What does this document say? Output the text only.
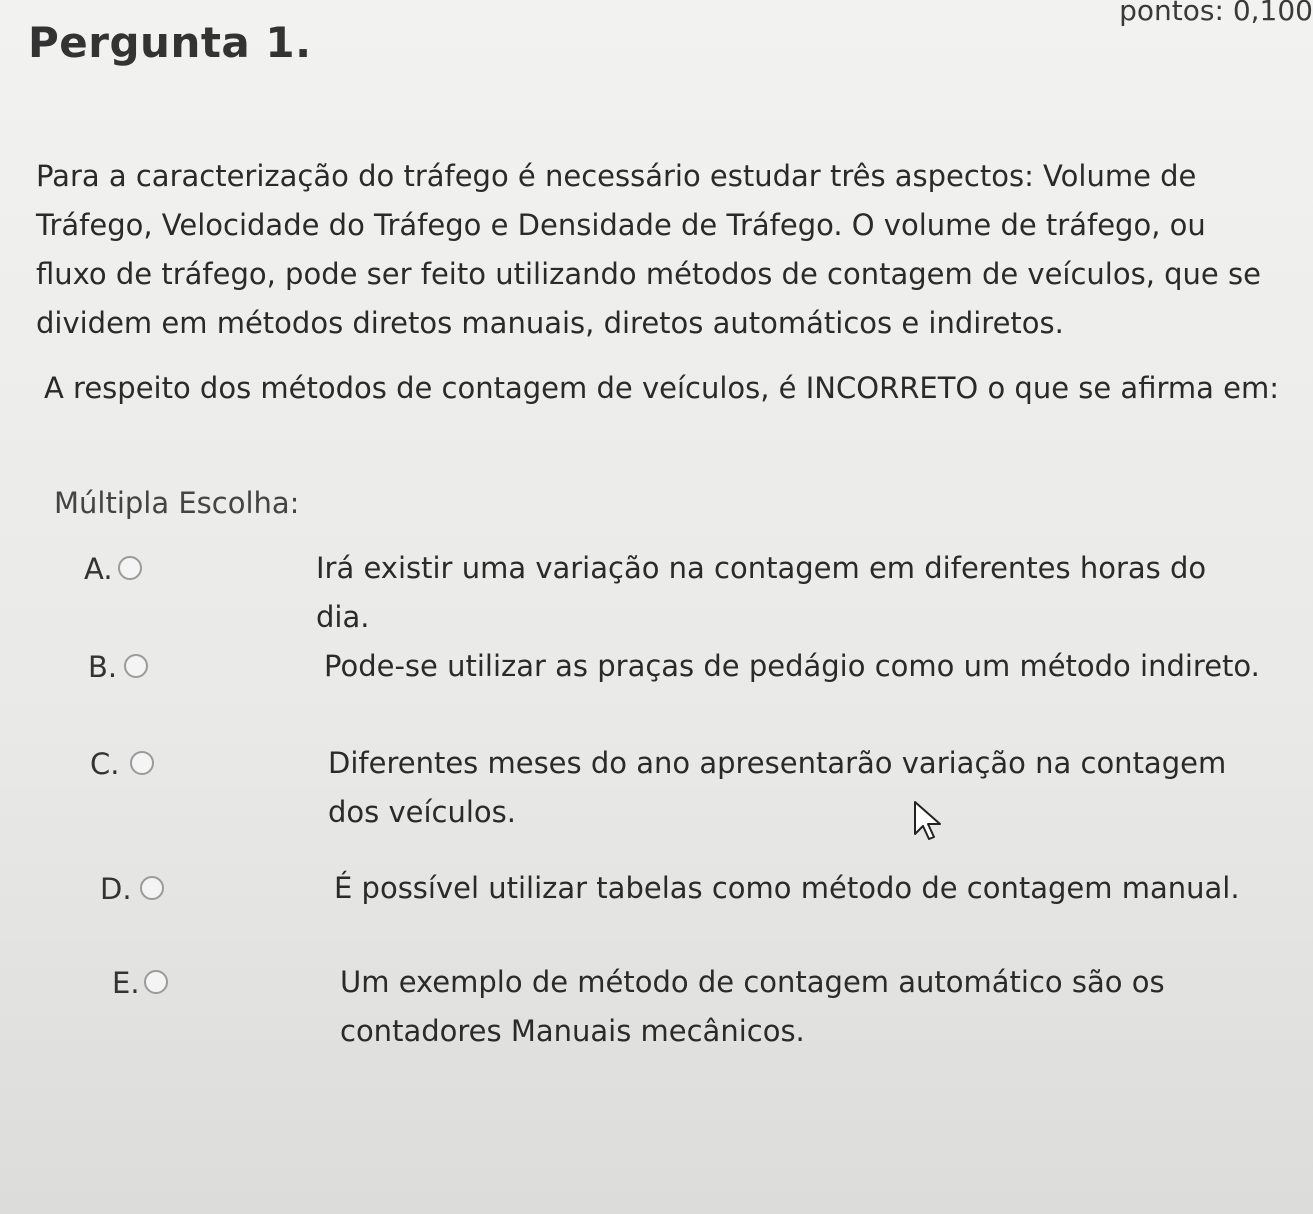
Pergunta 1.
pontos: 0,100
Para a caracterização do tráfego é necessário estudar três aspectos: Volume de Tráfego, Velocidade do Tráfego e Densidade de Tráfego. O volume de tráfego, ou fluxo de tráfego, pode ser feito utilizando métodos de contagem de veículos, que se dividem em métodos diretos manuais, diretos automáticos e indiretos.
A respeito dos métodos de contagem de veículos, é INCORRETO o que se afirma em:
Múltipla Escolha:
A.	Irá existir uma variação na contagem em diferentes horas do dia.
B.	Pode-se utilizar as praças de pedágio como um método indireto.
C.	Diferentes meses do ano apresentarão variação na contagem dos veículos.
D.	É possível utilizar tabelas como método de contagem manual.
E.	Um exemplo de método de contagem automático são os contadores Manuais mecânicos.
